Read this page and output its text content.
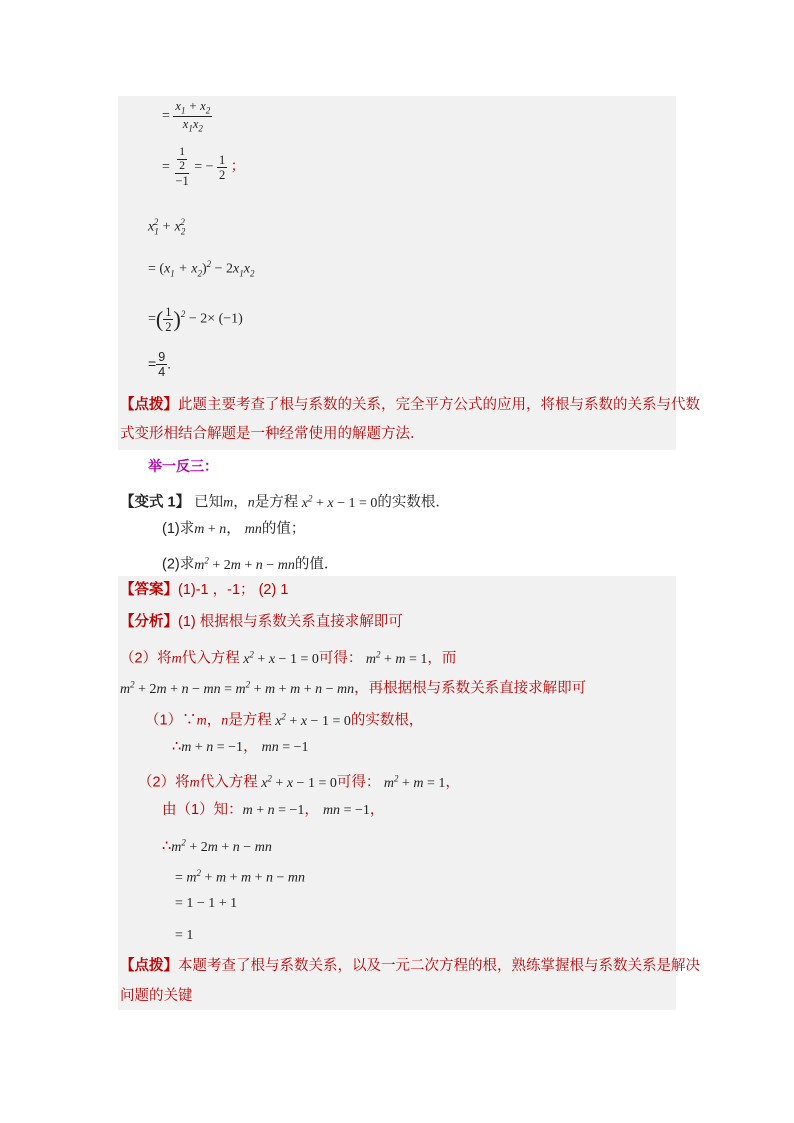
= $\frac{x_1 + x_2}{x_1x_2}$
= $\frac{\frac{1}{2}}{-1}$ = − $\frac{1}{2}$ ；
$x_1^2 + x_2^2$
= $(x_1 + x_2)^2 - 2x_1x_2$
=( $\frac{1}{2} )^2 - 2\times (-1)$
= $\frac{9}{4}$ .
【点拨】此题主要考查了根与系数的关系，完全平方公式的应用，将根与系数的关系与代数
式变形相结合解题是一种经常使用的解题方法．
举一反三：
【变式 1】 已知m，n是方程 $x^2 + x - 1 = 0$的实数根．
(1)求m + n， mn的值；
(2)求$m^2 + 2m + n$ − mn的值．
【答案】(1)-1 ，-1； (2) 1
【分析】(1) 根据根与系数关系直接求解即可
（2）将m代入方程 $x^2 + x - 1 = 0$可得： $m^2 + m = 1$，而
$m^2 + 2m + n$ − mn = $m^2 + m + m + n$ − mn，再根据根与系数关系直接求解即可
（1）∵m，n是方程 $x^2 + x - 1 = 0$的实数根，
∴m + n = −1， mn = −1
（2）将m代入方程 $x^2 + x - 1 = 0$可得： $m^2 + m = 1$，
由（1）知：m + n = −1， mn = −1，
$\therefore m^2 + 2m + n$ − mn
= $m^2 + m + m + n$ − mn
= 1 − 1 + 1
= 1
【点拨】本题考查了根与系数关系，以及一元二次方程的根，熟练掌握根与系数关系是解决
问题的关键
